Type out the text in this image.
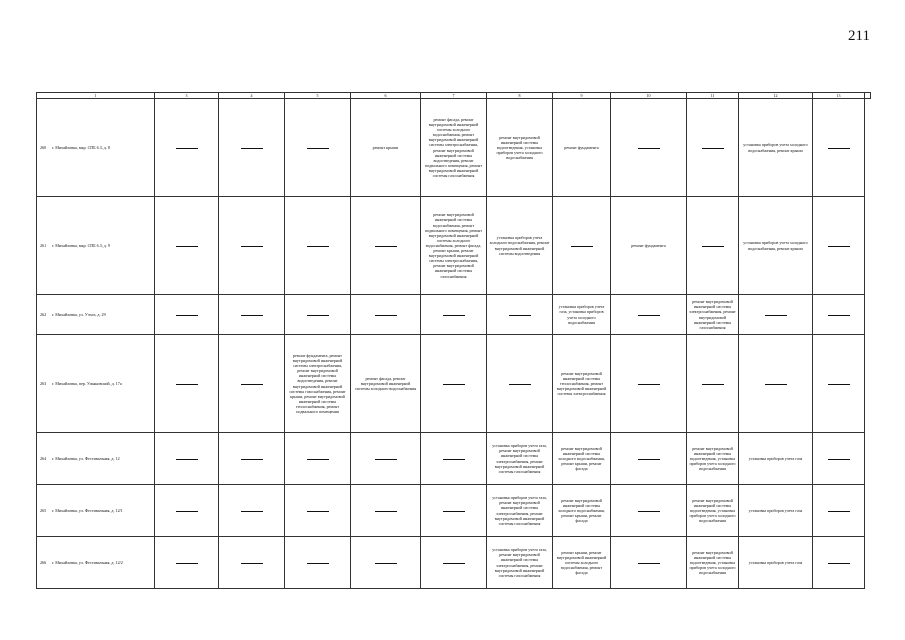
211
1	3	4	5	6	7	8	9	10	11	12	13	
260 г. Михайловка, мкр. СПБ 6.3, д. 8				ремонт крыши	ремонт фасада, ремонт внутридомовой инженерной системы холодного водоснабжения, ремонт внутридомовой инженерной системы электроснабжения, ремонт внутридомовой инженерной системы водоотведения, ремонт подвального помещения, ремонт внутридомовой инженерной системы газоснабжения	ремонт внутридомовой инженерной системы водоотведения, установка приборов учета холодного водоснабжения	ремонт фундамента			установка приборов учета холодного водоснабжения, ремонт крыши		
261 г. Михайловка, мкр. СПБ 6.3, д. 9					ремонт внутридомовой инженерной системы водоснабжения, ремонт подвального помещения, ремонт внутридомовой инженерной системы холодного водоснабжения, ремонт фасада, ремонт крыши, ремонт внутридомовой инженерной системы электроснабжения, ремонт внутридомовой инженерной системы газоснабжения	установка приборов учета холодного водоснабжения, ремонт внутридомовой инженерной системы водоотведения		ремонт фундамента		установка приборов учета холодного водоснабжения, ремонт крыши		
262 г. Михайловка, ул. Учхоз, д. 29							установка приборов учета газа, установка приборов учета холодного водоснабжения		ремонт внутридомовой инженерной системы электроснабжения, ремонт внутридомовой инженерной системы газоснабжения			
263 г. Михайловка, пер. Ульяновский, д. 17а			ремонт фундамента, ремонт внутридомовой инженерной системы электроснабжения, ремонт внутридомовой инженерной системы водоотведения, ремонт внутридомовой инженерной системы газоснабжения, ремонт крыши, ремонт внутридомовой инженерной системы теплоснабжения, ремонт подвального помещения	ремонт фасада, ремонт внутридомовой инженерной системы холодного водоснабжения			ремонт внутридомовой инженерной системы теплоснабжения, ремонт внутридомовой инженерной системы электроснабжения					
264 г. Михайловка, ул. Фестивальная, д. 12						установка приборов учета газа, ремонт внутридомовой инженерной системы электроснабжения, ремонт внутридомовой инженерной системы газоснабжения	ремонт внутридомовой инженерной системы холодного водоснабжения, ремонт крыши, ремонт фасада		ремонт внутридомовой инженерной системы водоотведения, установка приборов учета холодного водоснабжения	установка приборов учета газа		
265 г. Михайловка, ул. Фестивальная, д. 12/1						установка приборов учета газа, ремонт внутридомовой инженерной системы электроснабжения, ремонт внутридомовой инженерной системы газоснабжения	ремонт внутридомовой инженерной системы холодного водоснабжения, ремонт крыши, ремонт фасада		ремонт внутридомовой инженерной системы водоотведения, установка приборов учета холодного водоснабжения	установка приборов учета газа		
266 г. Михайловка, ул. Фестивальная, д. 12/2						установка приборов учета газа, ремонт внутридомовой инженерной системы электроснабжения, ремонт внутридомовой инженерной системы газоснабжения	ремонт крыши, ремонт внутридомовой инженерной системы холодного водоснабжения, ремонт фасада		ремонт внутридомовой инженерной системы водоотведения, установка приборов учета холодного водоснабжения	установка приборов учета газа		
